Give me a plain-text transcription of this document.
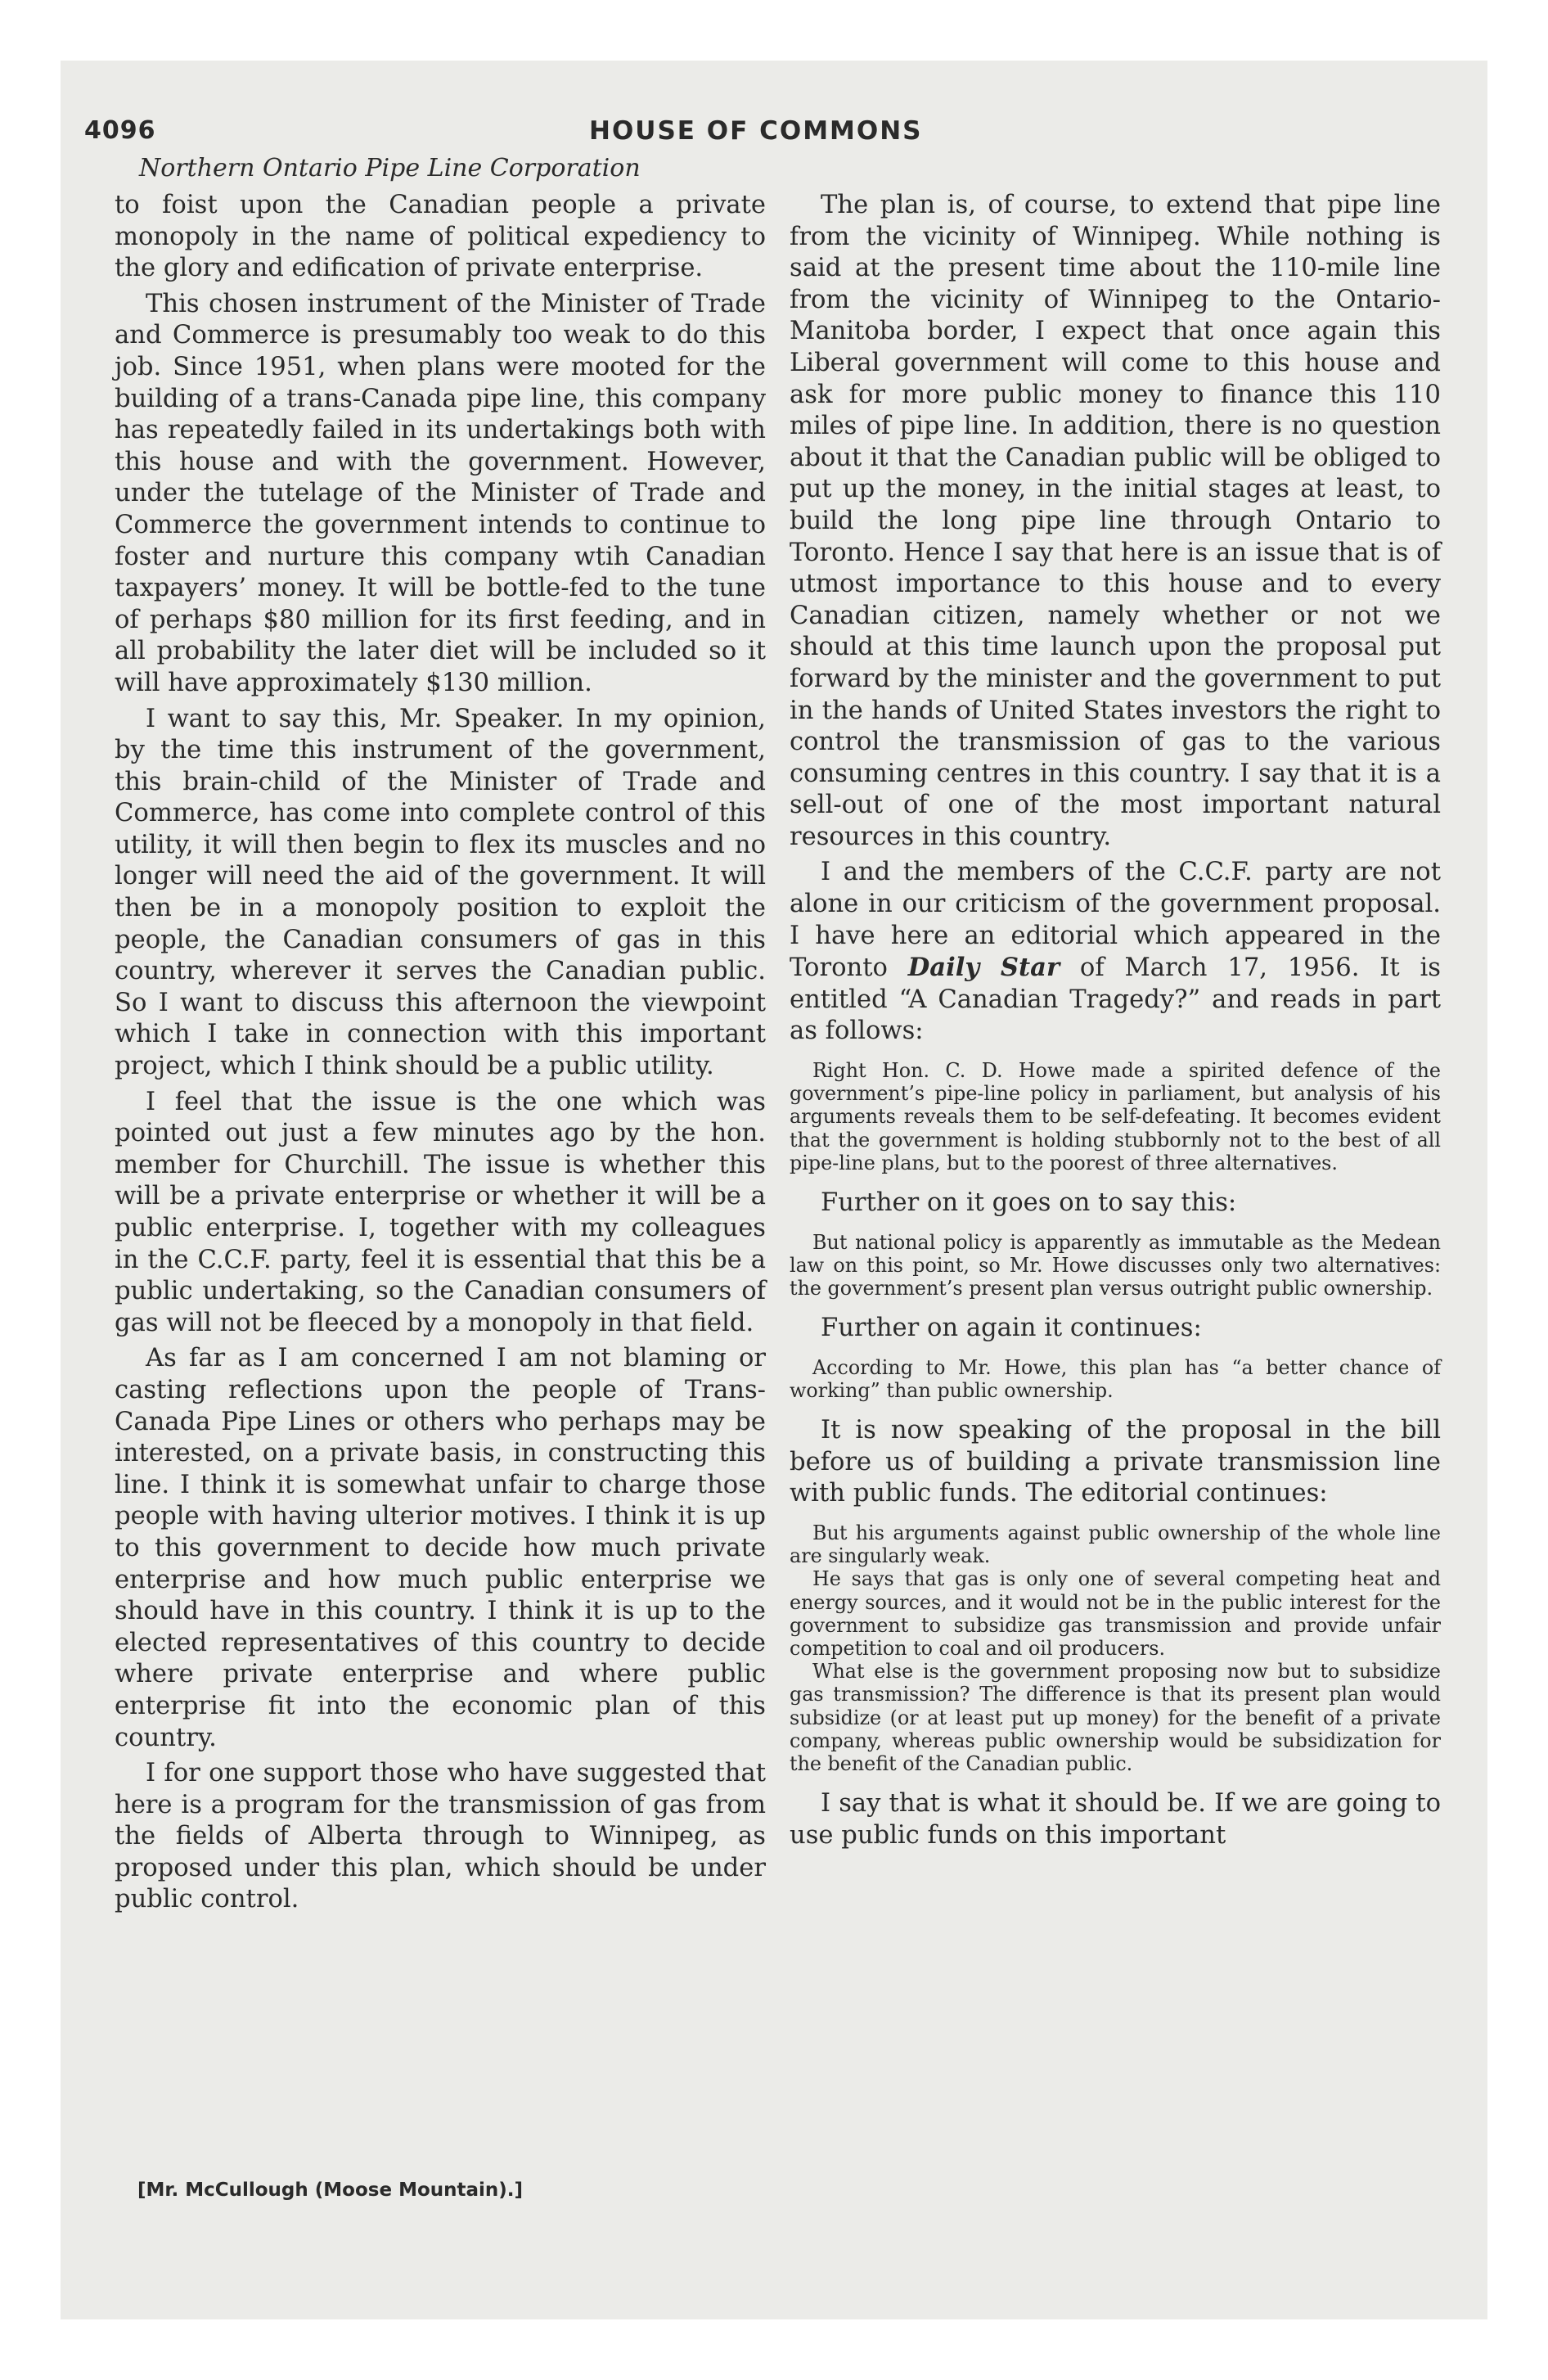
4096	HOUSE OF COMMONS
Northern Ontario Pipe Line Corporation

to foist upon the Canadian people a private monopoly in the name of political expediency to the glory and edification of private enterprise.

This chosen instrument of the Minister of Trade and Commerce is presumably too weak to do this job. Since 1951, when plans were mooted for the building of a trans-Canada pipe line, this company has repeatedly failed in its undertakings both with this house and with the government. However, under the tutelage of the Minister of Trade and Commerce the government intends to continue to foster and nurture this company wtih Canadian taxpayers’ money. It will be bottle-fed to the tune of perhaps $80 million for its first feeding, and in all probability the later diet will be included so it will have approximately $130 million.

I want to say this, Mr. Speaker. In my opinion, by the time this instrument of the government, this brain-child of the Minister of Trade and Commerce, has come into complete control of this utility, it will then begin to flex its muscles and no longer will need the aid of the government. It will then be in a monopoly position to exploit the people, the Canadian consumers of gas in this country, wherever it serves the Canadian public. So I want to discuss this afternoon the viewpoint which I take in connection with this important project, which I think should be a public utility.

I feel that the issue is the one which was pointed out just a few minutes ago by the hon. member for Churchill. The issue is whether this will be a private enterprise or whether it will be a public enterprise. I, together with my colleagues in the C.C.F. party, feel it is essential that this be a public undertaking, so the Canadian consumers of gas will not be fleeced by a monopoly in that field.

As far as I am concerned I am not blaming or casting reflections upon the people of Trans-Canada Pipe Lines or others who perhaps may be interested, on a private basis, in constructing this line. I think it is somewhat unfair to charge those people with having ulterior motives. I think it is up to this government to decide how much private enterprise and how much public enterprise we should have in this country. I think it is up to the elected representatives of this country to decide where private enterprise and where public enterprise fit into the economic plan of this country.

I for one support those who have suggested that here is a program for the transmission of gas from the fields of Alberta through to Winnipeg, as proposed under this plan, which should be under public control.

The plan is, of course, to extend that pipe line from the vicinity of Winnipeg. While nothing is said at the present time about the 110-mile line from the vicinity of Winnipeg to the Ontario-Manitoba border, I expect that once again this Liberal government will come to this house and ask for more public money to finance this 110 miles of pipe line. In addition, there is no question about it that the Canadian public will be obliged to put up the money, in the initial stages at least, to build the long pipe line through Ontario to Toronto. Hence I say that here is an issue that is of utmost importance to this house and to every Canadian citizen, namely whether or not we should at this time launch upon the proposal put forward by the minister and the government to put in the hands of United States investors the right to control the transmission of gas to the various consuming centres in this country. I say that it is a sell-out of one of the most important natural resources in this country.

I and the members of the C.C.F. party are not alone in our criticism of the government proposal. I have here an editorial which appeared in the Toronto Daily Star of March 17, 1956. It is entitled “A Canadian Tragedy?” and reads in part as follows:

Right Hon. C. D. Howe made a spirited defence of the government’s pipe-line policy in parliament, but analysis of his arguments reveals them to be self-defeating. It becomes evident that the government is holding stubbornly not to the best of all pipe-line plans, but to the poorest of three alternatives.

Further on it goes on to say this:

But national policy is apparently as immutable as the Medean law on this point, so Mr. Howe discusses only two alternatives: the government’s present plan versus outright public ownership.

Further on again it continues:

According to Mr. Howe, this plan has “a better chance of working” than public ownership.

It is now speaking of the proposal in the bill before us of building a private transmission line with public funds. The editorial continues:

But his arguments against public ownership of the whole line are singularly weak.

He says that gas is only one of several competing heat and energy sources, and it would not be in the public interest for the government to subsidize gas transmission and provide unfair competition to coal and oil producers.

What else is the government proposing now but to subsidize gas transmission? The difference is that its present plan would subsidize (or at least put up money) for the benefit of a private company, whereas public ownership would be subsidization for the benefit of the Canadian public.

I say that is what it should be. If we are going to use public funds on this important

[Mr. McCullough (Moose Mountain).]
